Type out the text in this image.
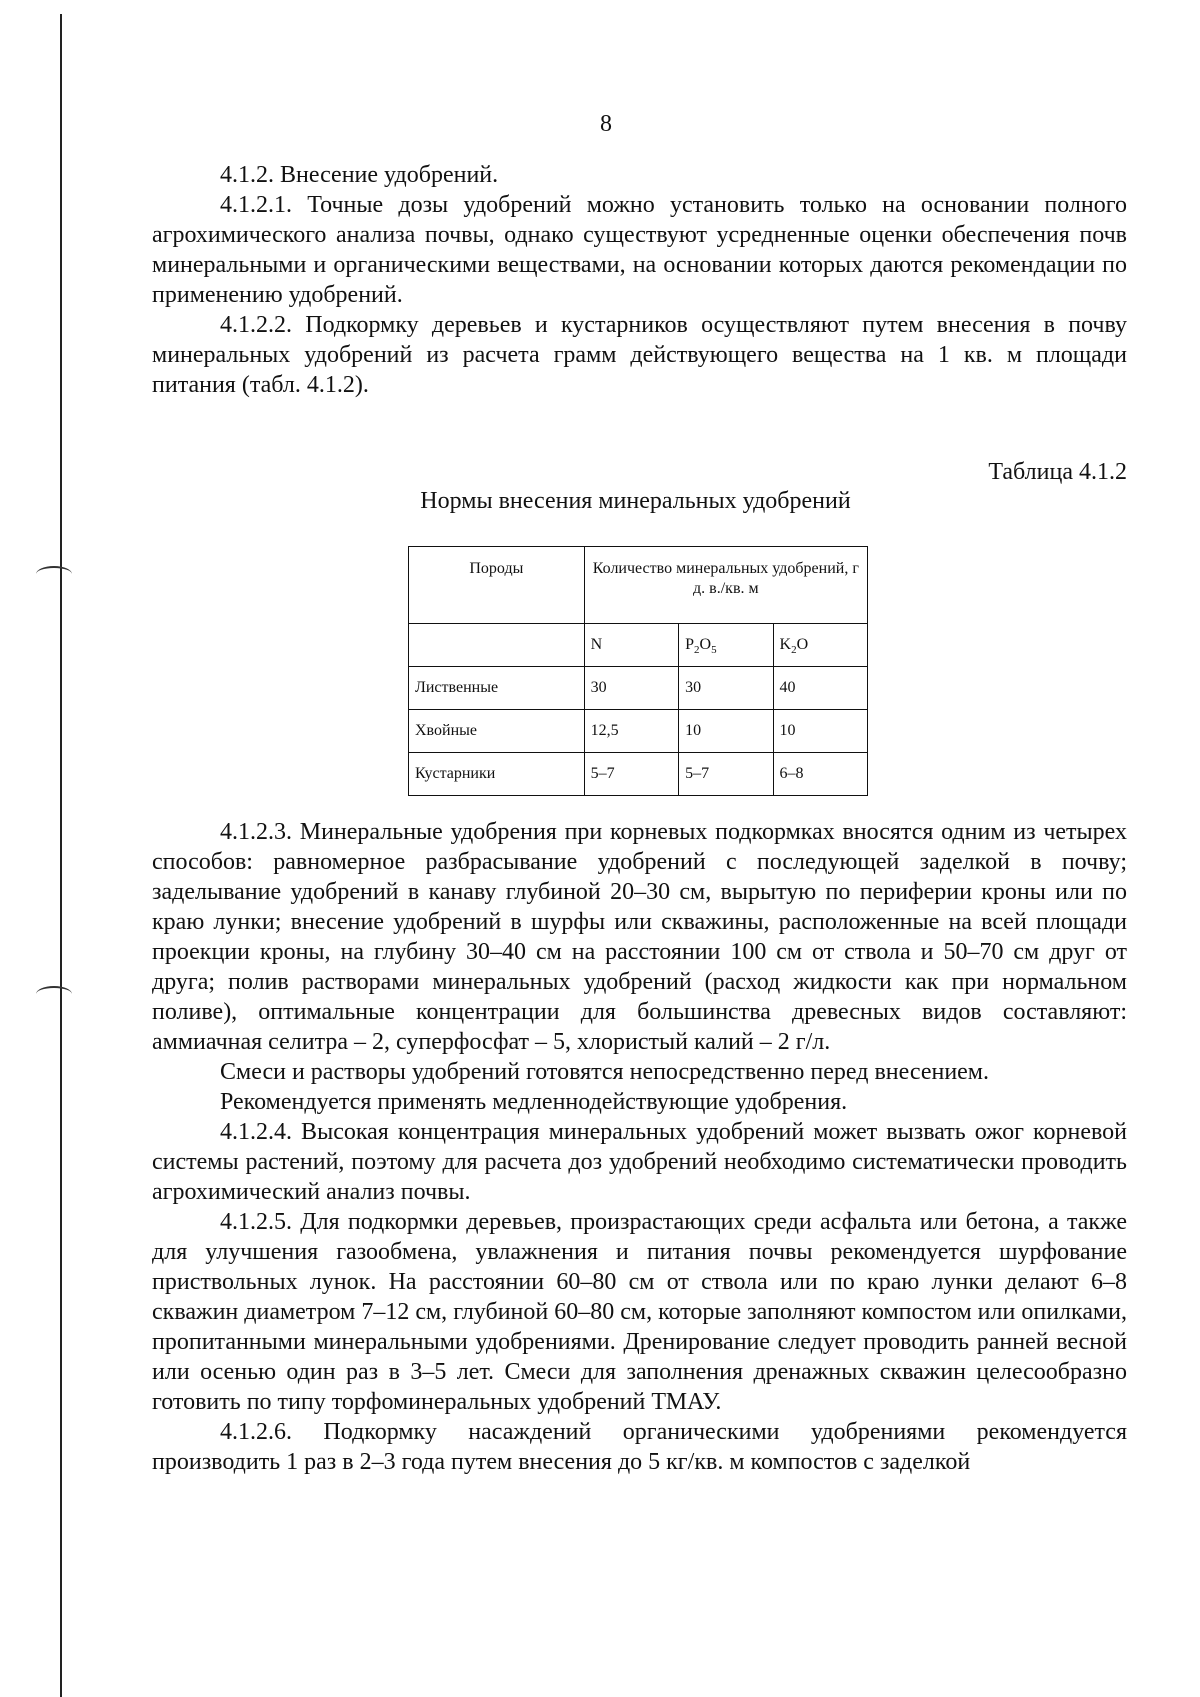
8

4.1.2. Внесение удобрений.

4.1.2.1. Точные дозы удобрений можно установить только на основании полного агрохимического анализа почвы, однако существуют усредненные оценки обеспечения почв минеральными и органическими веществами, на основании которых даются рекомендации по применению удобрений.

4.1.2.2. Подкормку деревьев и кустарников осуществляют путем внесения в почву минеральных удобрений из расчета грамм действующего вещества на 1 кв. м площади питания (табл. 4.1.2).

Таблица 4.1.2
Нормы внесения минеральных удобрений
Породы	Количество минеральных удобрений, г д. в./кв. м		
	N	$P_2O_5$	$K_2O$
Лиственные	30	30	40
Хвойные	12,5	10	10
Кустарники	5–7	5–7	6–8

4.1.2.3. Минеральные удобрения при корневых подкормках вносятся одним из четырех способов: равномерное разбрасывание удобрений с последующей заделкой в почву; заделывание удобрений в канаву глубиной 20–30 см, вырытую по периферии кроны или по краю лунки; внесение удобрений в шурфы или скважины, расположенные на всей площади проекции кроны, на глубину 30–40 см на расстоянии 100 см от ствола и 50–70 см друг от друга; полив растворами минеральных удобрений (расход жидкости как при нормальном поливе), оптимальные концентрации для большинства древесных видов составляют: аммиачная селитра – 2, суперфосфат – 5, хлористый калий – 2 г/л.

Смеси и растворы удобрений готовятся непосредственно перед внесением.

Рекомендуется применять медленнодействующие удобрения.

4.1.2.4. Высокая концентрация минеральных удобрений может вызвать ожог корневой системы растений, поэтому для расчета доз удобрений необходимо систематически проводить агрохимический анализ почвы.

4.1.2.5. Для подкормки деревьев, произрастающих среди асфальта или бетона, а также для улучшения газообмена, увлажнения и питания почвы рекомендуется шурфование приствольных лунок. На расстоянии 60–80 см от ствола или по краю лунки делают 6–8 скважин диаметром 7–12 см, глубиной 60–80 см, которые заполняют компостом или опилками, пропитанными минеральными удобрениями. Дренирование следует проводить ранней весной или осенью один раз в 3–5 лет. Смеси для заполнения дренажных скважин целесообразно готовить по типу торфоминеральных удобрений ТМАУ.

4.1.2.6. Подкормку насаждений органическими удобрениями рекомендуется производить 1 раз в 2–3 года путем внесения до 5 кг/кв. м компостов с заделкой
